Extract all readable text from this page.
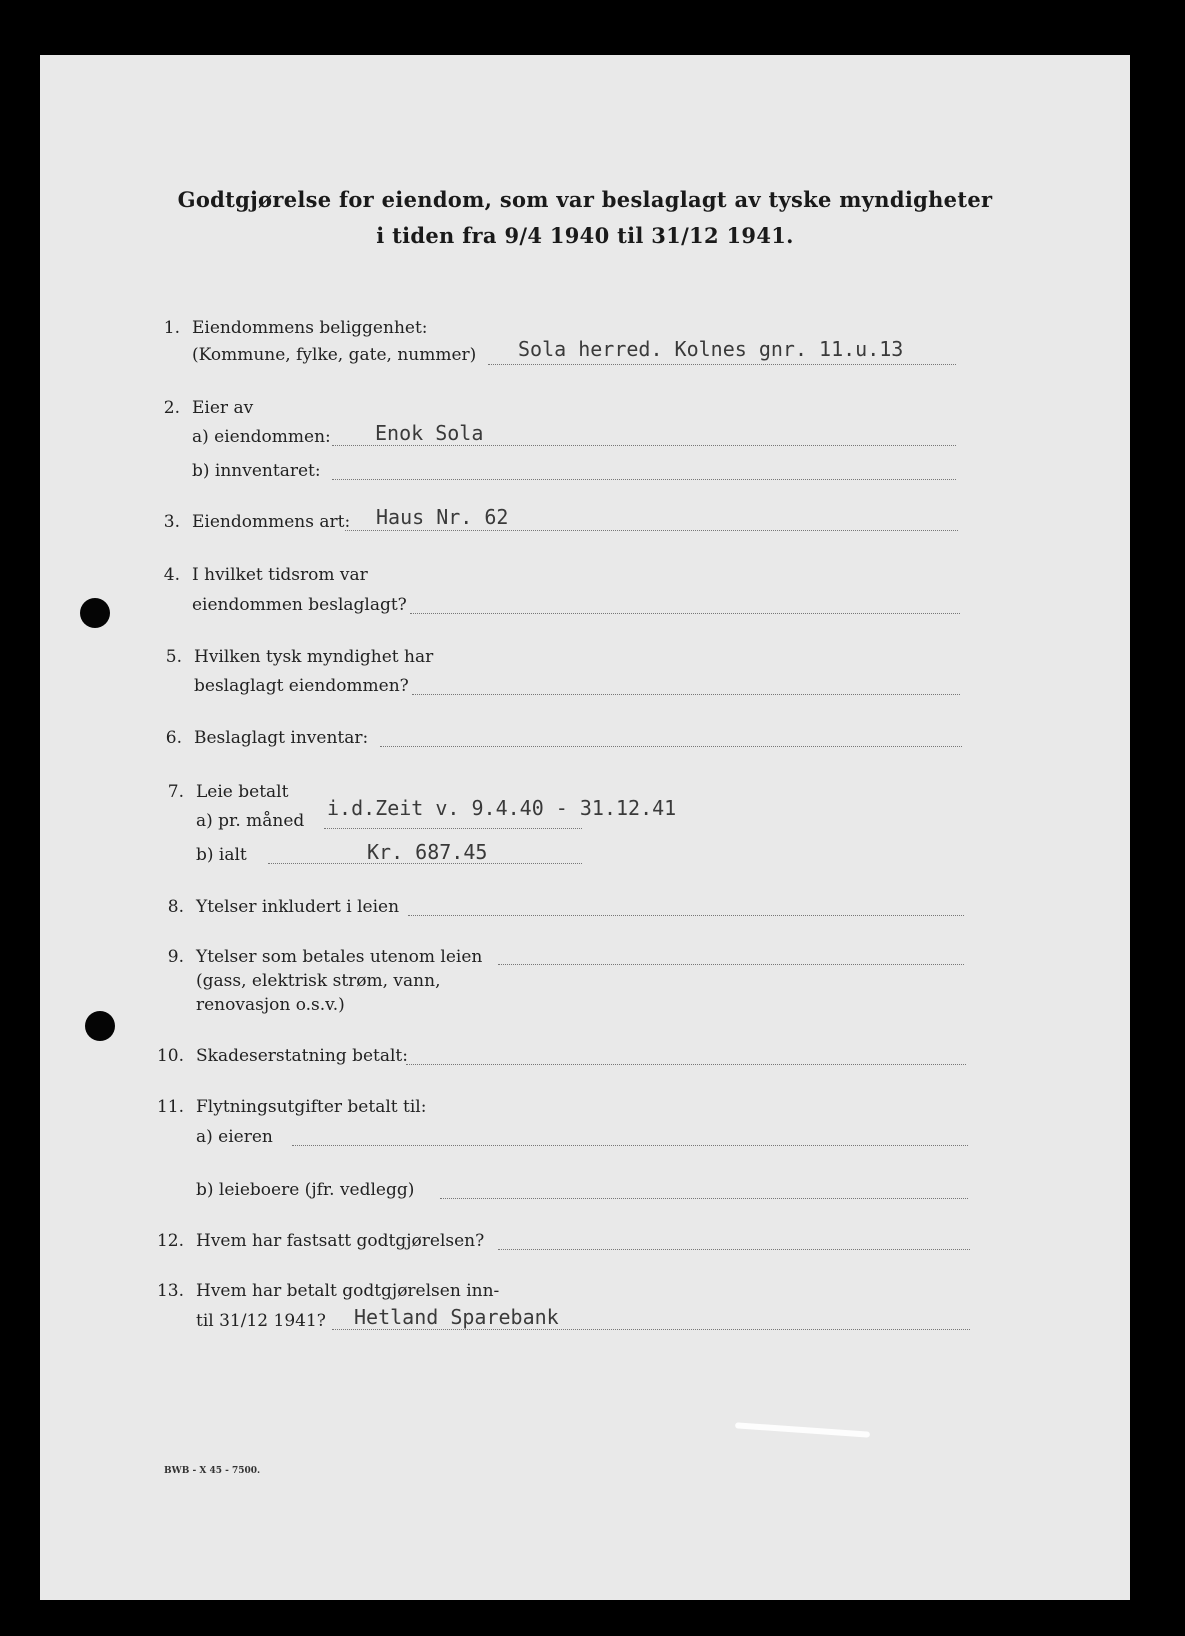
Godtgjørelse for eiendom, som var beslaglagt av tyske myndigheter
i tiden fra 9/4 1940 til 31/12 1941.
1. Eiendommens beliggenhet:
(Kommune, fylke, gate, nummer) Sola herred. Kolnes gnr. 11.u.13
2. Eier av
a) eiendommen: Enok Sola
b) innventaret:
3. Eiendommens art: Haus Nr. 62
4. I hvilket tidsrom var
eiendommen beslaglagt?
5. Hvilken tysk myndighet har
beslaglagt eiendommen?
6. Beslaglagt inventar:
7. Leie betalt
a) pr. måned
i.d.Zeit v. 9.4.40 - 31.12.41
b) ialt	Kr. 687.45
8. Ytelser inkludert i leien
9. Ytelser som betales utenom leien
(gass, elektrisk strøm, vann,
renovasjon o.s.v.)
10. Skadeserstatning betalt:
11. Flytningsutgifter betalt til:
a) eieren
b) leieboere (jfr. vedlegg)
12. Hvem har fastsatt godtgjørelsen?
13. Hvem har betalt godtgjørelsen inn-
til 31/12 1941? Hetland Sparebank
BWB - X 45 - 7500.
